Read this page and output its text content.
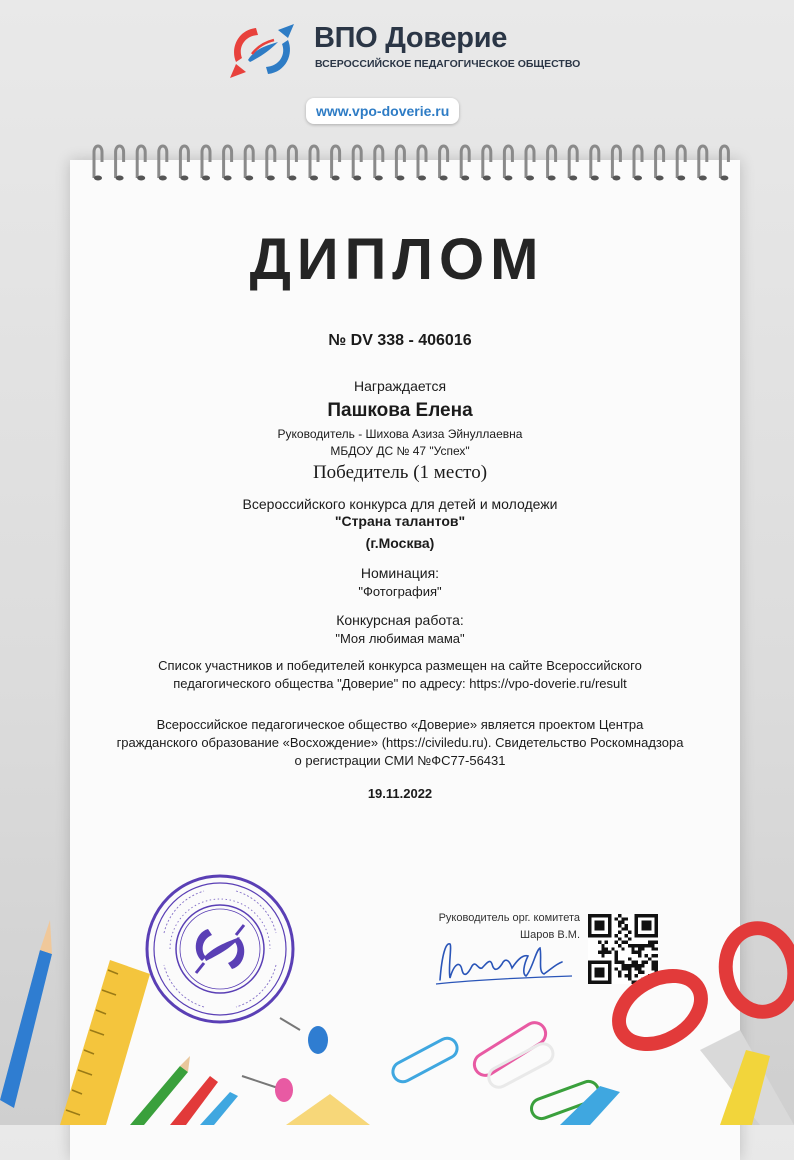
ВПО Доверие
ВСЕРОССИЙСКОЕ ПЕДАГОГИЧЕСКОЕ ОБЩЕСТВО
www.vpo-doverie.ru
ДИПЛОМ
№ DV 338 - 406016
Награждается
Пашкова Елена
Руководитель - Шихова Азиза Эйнуллаевна
МБДОУ ДС № 47 "Успех"
Победитель (1 место)
Всероссийского конкурса для детей и молодежи
"Страна талантов"
(г.Москва)
Номинация:
"Фотография"
Конкурсная работа:
"Моя любимая мама"
Список участников и победителей конкурса размещен на сайте Всероссийского педагогического общества "Доверие" по адресу: https://vpo-doverie.ru/result
Всероссийское педагогическое общество «Доверие» является проектом Центра гражданского образование «Восхождение» (https://civiledu.ru). Свидетельство Роскомнадзора о регистрации СМИ №ФС77-56431
19.11.2022
Руководитель орг. комитета
Шаров В.М.
